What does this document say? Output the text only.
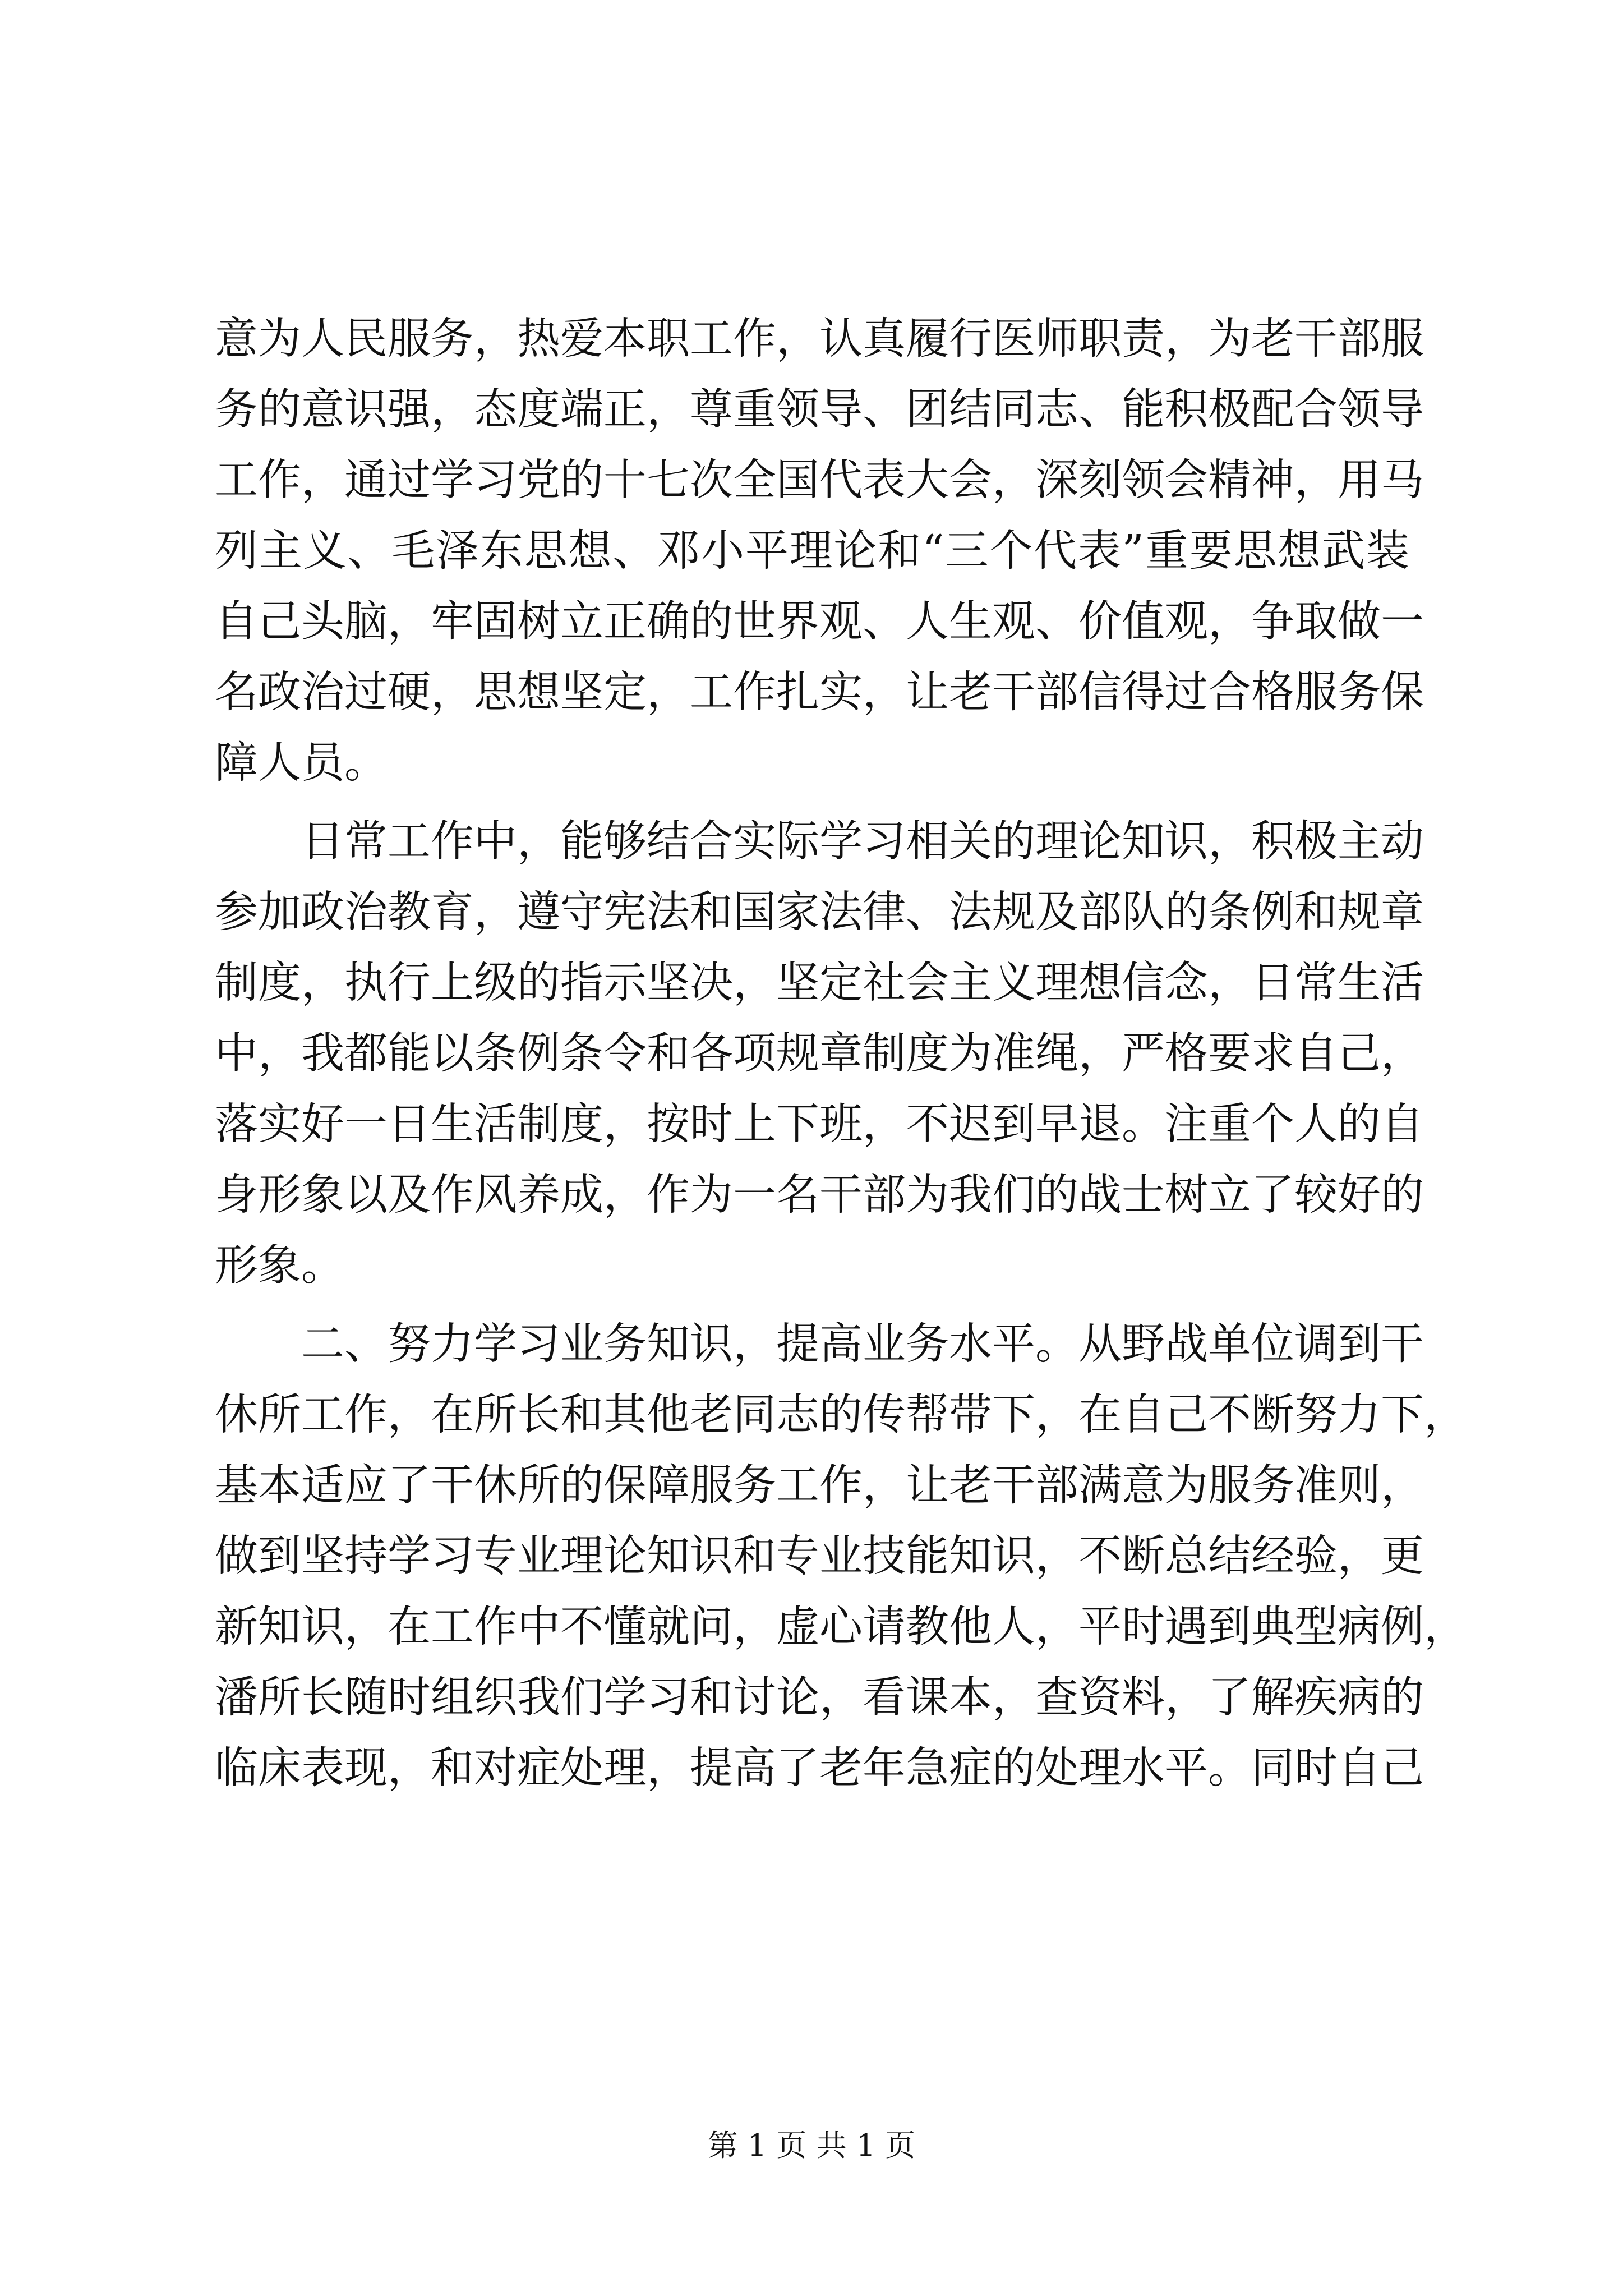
意为人民服务，热爱本职工作，认真履行医师职责，为老干部服
务的意识强，态度端正，尊重领导、团结同志、能积极配合领导
工作，通过学习党的十七次全国代表大会，深刻领会精神，用马
列主义、毛泽东思想、邓小平理论和“三个代表”重要思想武装
自己头脑，牢固树立正确的世界观、人生观、价值观，争取做一
名政治过硬，思想坚定，工作扎实，让老干部信得过合格服务保
障人员。
　　日常工作中，能够结合实际学习相关的理论知识，积极主动
参加政治教育，遵守宪法和国家法律、法规及部队的条例和规章
制度，执行上级的指示坚决，坚定社会主义理想信念，日常生活
中，我都能以条例条令和各项规章制度为准绳，严格要求自己，
落实好一日生活制度，按时上下班，不迟到早退。注重个人的自
身形象以及作风养成，作为一名干部为我们的战士树立了较好的
形象。
　　二、努力学习业务知识，提高业务水平。从野战单位调到干
休所工作，在所长和其他老同志的传帮带下，在自己不断努力下，
基本适应了干休所的保障服务工作，让老干部满意为服务准则，
做到坚持学习专业理论知识和专业技能知识，不断总结经验，更
新知识，在工作中不懂就问，虚心请教他人，平时遇到典型病例，
潘所长随时组织我们学习和讨论，看课本，查资料，了解疾病的
临床表现，和对症处理，提高了老年急症的处理水平。同时自己
第 1 页 共 1 页
